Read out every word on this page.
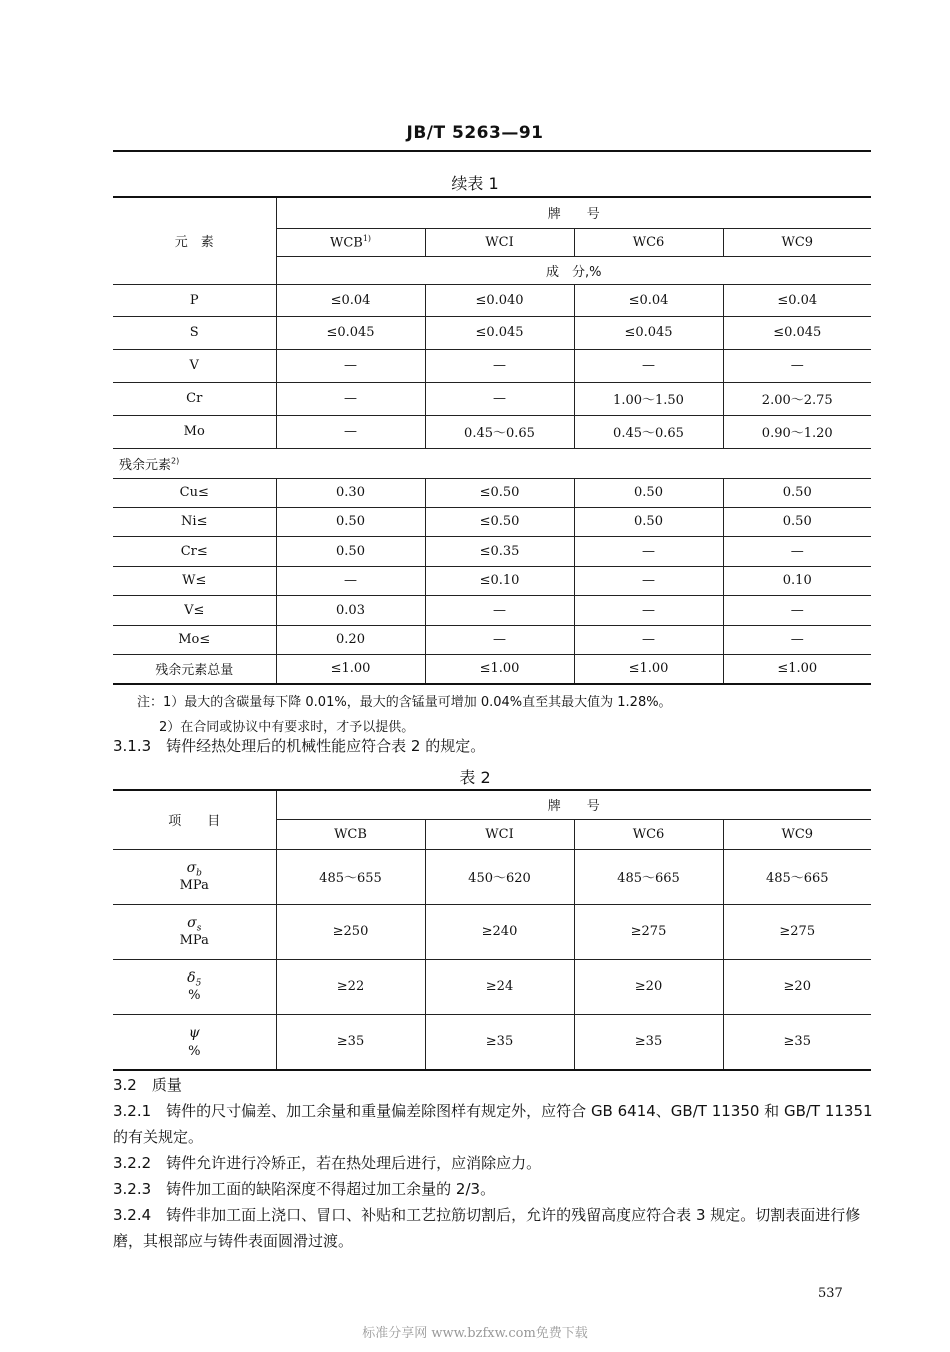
JB/T 5263—91
续表 1
元　素	牌　　号			
	WCB$^{1)}$	WCI	WC6	WC9
	成　分,%			
P	≤0.04	≤0.040	≤0.04	≤0.04
S	≤0.045	≤0.045	≤0.045	≤0.045
V	—	—	—	—
Cr	—	—	1.00～1.50	2.00～2.75
Mo	—	0.45～0.65	0.45～0.65	0.90～1.20
残余元素$^{2)}$
Cu≤	0.30	≤0.50	0.50	0.50
Ni≤	0.50	≤0.50	0.50	0.50
Cr≤	0.50	≤0.35	—	—
W≤	—	≤0.10	—	0.10
V≤	0.03	—	—	—
Mo≤	0.20	—	—	—
残余元素总量	≤1.00	≤1.00	≤1.00	≤1.00
注：1）最大的含碳量每下降 0.01%，最大的含锰量可增加 0.04%直至其最大值为 1.28%。
2）在合同或协议中有要求时，才予以提供。
3.1.3　铸件经热处理后的机械性能应符合表 2 的规定。
表 2
项　　目	牌　　号			
	WCB	WCI	WC6	WC9

$\sigma_b$
MPa	485～655	450～620	485～665	485～665

$\sigma_s$
MPa	≥250	≥240	≥275	≥275

$\delta_5$
%	≥22	≥24	≥20	≥20

ψ
%	≥35	≥35	≥35	≥35
3.2　质量
3.2.1　铸件的尺寸偏差、加工余量和重量偏差除图样有规定外，应符合 GB 6414、GB/T 11350 和 GB/T 11351的有关规定。
3.2.2　铸件允许进行冷矫正，若在热处理后进行，应消除应力。
3.2.3　铸件加工面的缺陷深度不得超过加工余量的 2/3。
3.2.4　铸件非加工面上浇口、冒口、补贴和工艺拉筋切割后，允许的残留高度应符合表 3 规定。切割表面进行修磨，其根部应与铸件表面圆滑过渡。
537
标准分享网 www.bzfxw.com免费下载
